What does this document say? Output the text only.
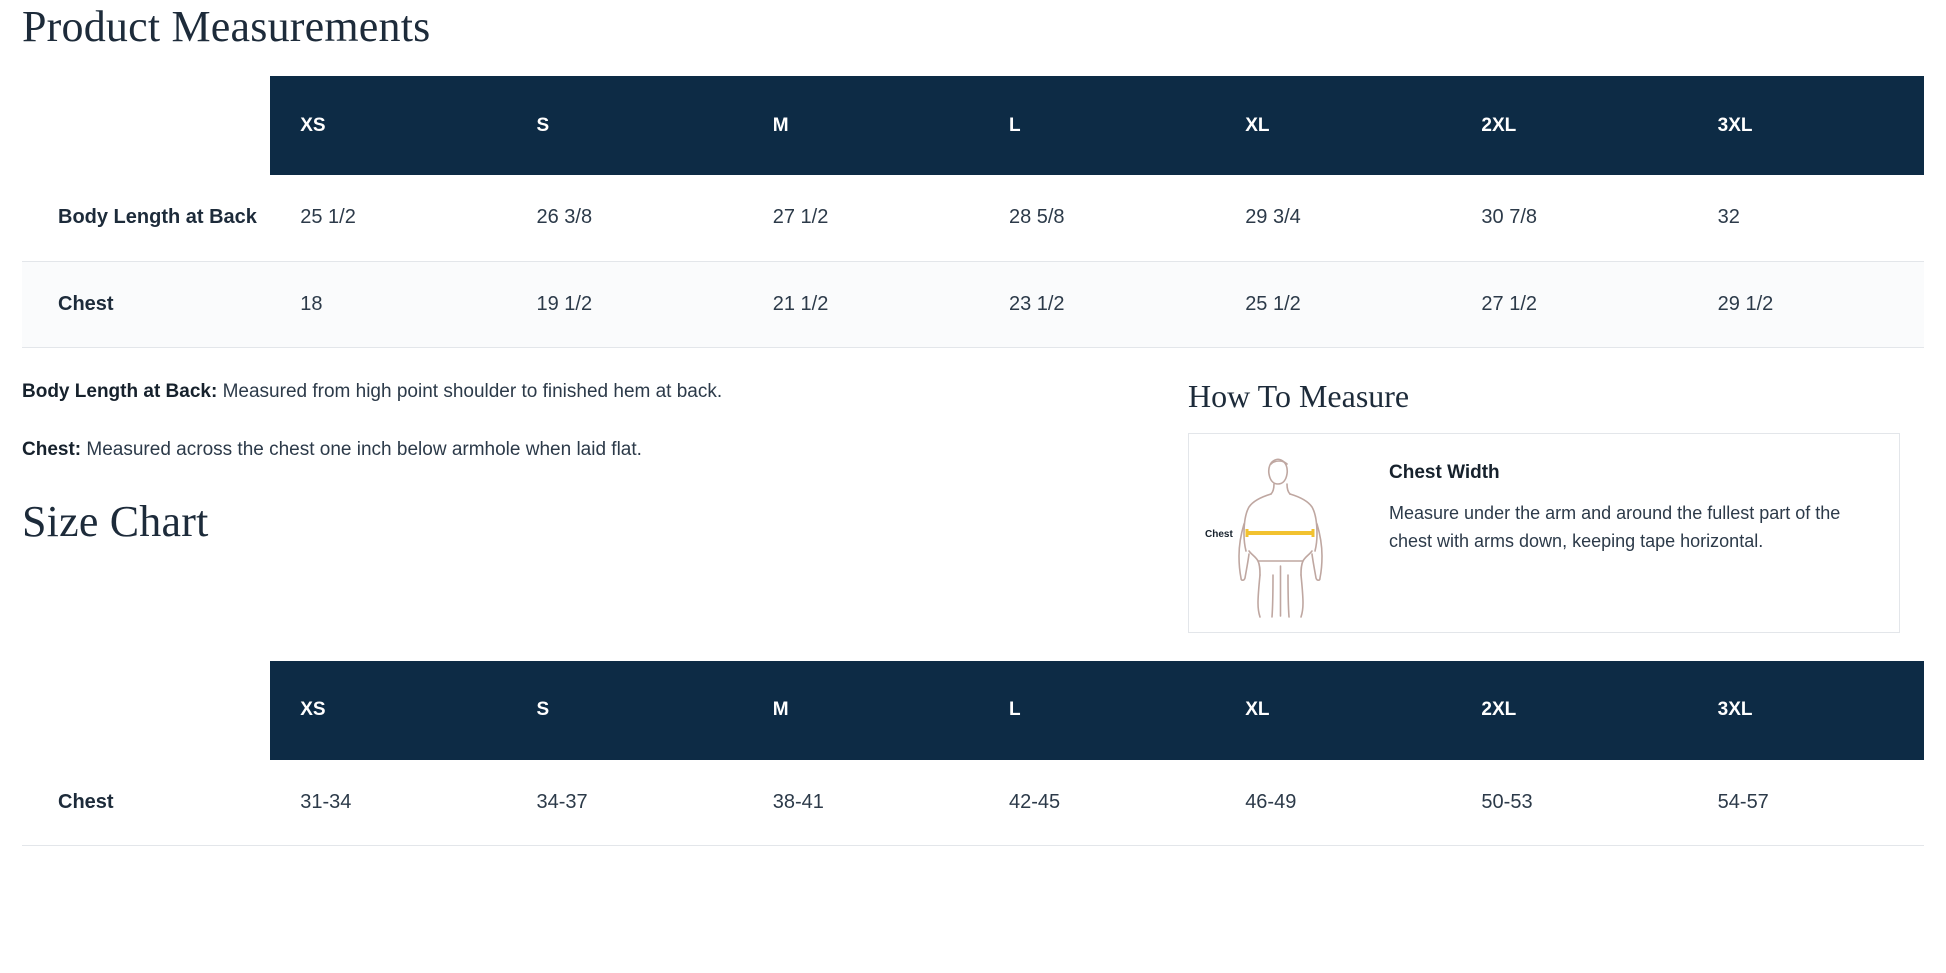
Product Measurements
	XS	S	M	L	XL	2XL	3XL
Body Length at Back	25 1/2	26 3/8	27 1/2	28 5/8	29 3/4	30 7/8	32
Chest	18	19 1/2	21 1/2	23 1/2	25 1/2	27 1/2	29 1/2

Body Length at Back: Measured from high point shoulder to finished hem at back.

Chest: Measured across the chest one inch below armhole when laid flat.

Size Chart
How To Measure
Chest

Chest Width

Measure under the arm and around the fullest part of the chest with arms down, keeping tape horizontal.

	XS	S	M	L	XL	2XL	3XL
Chest	31-34	34-37	38-41	42-45	46-49	50-53	54-57
